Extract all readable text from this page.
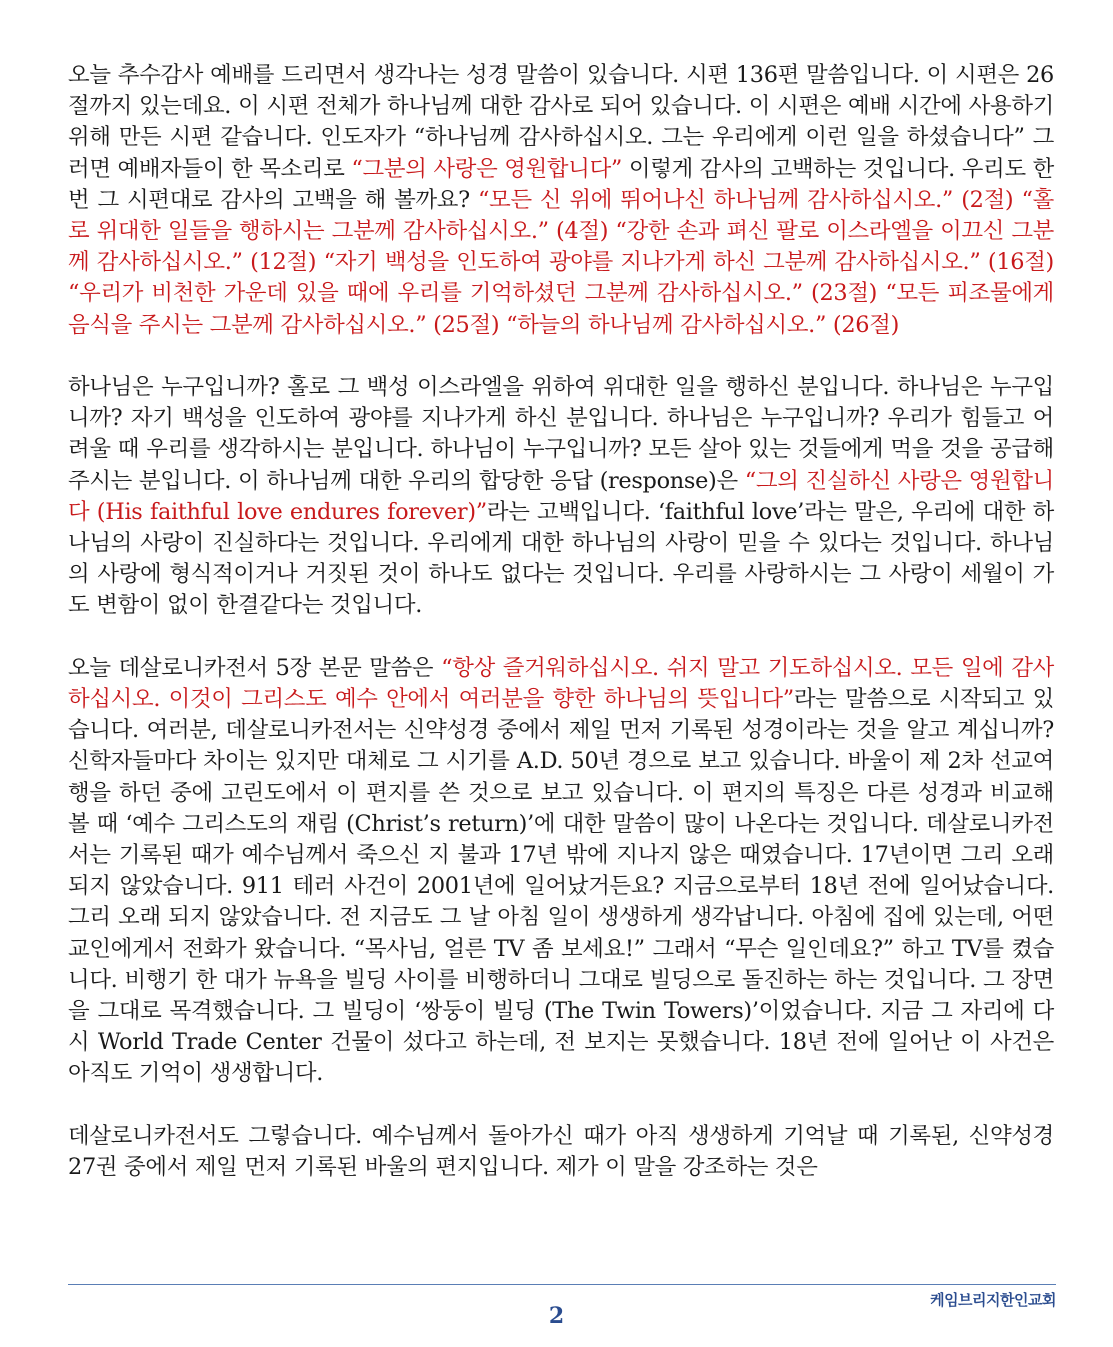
오늘 추수감사 예배를 드리면서 생각나는 성경 말씀이 있습니다. 시편 136편 말씀입니다. 이 시편은 26절까지 있는데요. 이 시편 전체가 하나님께 대한 감사로 되어 있습니다. 이 시편은 예배 시간에 사용하기 위해 만든 시편 같습니다. 인도자가 “하나님께 감사하십시오. 그는 우리에게 이런 일을 하셨습니다” 그러면 예배자들이 한 목소리로 “그분의 사랑은 영원합니다” 이렇게 감사의 고백하는 것입니다. 우리도 한번 그 시편대로 감사의 고백을 해 볼까요? “모든 신 위에 뛰어나신 하나님께 감사하십시오.” (2절) “홀로 위대한 일들을 행하시는 그분께 감사하십시오.” (4절) “강한 손과 펴신 팔로 이스라엘을 이끄신 그분께 감사하십시오.” (12절) “자기 백성을 인도하여 광야를 지나가게 하신 그분께 감사하십시오.” (16절) “우리가 비천한 가운데 있을 때에 우리를 기억하셨던 그분께 감사하십시오.” (23절) “모든 피조물에게 음식을 주시는 그분께 감사하십시오.” (25절) “하늘의 하나님께 감사하십시오.” (26절)

하나님은 누구입니까? 홀로 그 백성 이스라엘을 위하여 위대한 일을 행하신 분입니다. 하나님은 누구입니까? 자기 백성을 인도하여 광야를 지나가게 하신 분입니다. 하나님은 누구입니까? 우리가 힘들고 어려울 때 우리를 생각하시는 분입니다. 하나님이 누구입니까? 모든 살아 있는 것들에게 먹을 것을 공급해 주시는 분입니다. 이 하나님께 대한 우리의 합당한 응답 (response)은 “그의 진실하신 사랑은 영원합니다 (His faithful love endures forever)”라는 고백입니다. ‘faithful love’라는 말은, 우리에 대한 하나님의 사랑이 진실하다는 것입니다. 우리에게 대한 하나님의 사랑이 믿을 수 있다는 것입니다. 하나님의 사랑에 형식적이거나 거짓된 것이 하나도 없다는 것입니다. 우리를 사랑하시는 그 사랑이 세월이 가도 변함이 없이 한결같다는 것입니다.

오늘 데살로니카전서 5장 본문 말씀은 “항상 즐거워하십시오. 쉬지 말고 기도하십시오. 모든 일에 감사하십시오. 이것이 그리스도 예수 안에서 여러분을 향한 하나님의 뜻입니다”라는 말씀으로 시작되고 있습니다. 여러분, 데살로니카전서는 신약성경 중에서 제일 먼저 기록된 성경이라는 것을 알고 계십니까? 신학자들마다 차이는 있지만 대체로 그 시기를 A.D. 50년 경으로 보고 있습니다. 바울이 제 2차 선교여행을 하던 중에 고린도에서 이 편지를 쓴 것으로 보고 있습니다. 이 편지의 특징은 다른 성경과 비교해 볼 때 ‘예수 그리스도의 재림 (Christ’s return)’에 대한 말씀이 많이 나온다는 것입니다. 데살로니카전서는 기록된 때가 예수님께서 죽으신 지 불과 17년 밖에 지나지 않은 때였습니다. 17년이면 그리 오래되지 않았습니다. 911 테러 사건이 2001년에 일어났거든요? 지금으로부터 18년 전에 일어났습니다. 그리 오래 되지 않았습니다. 전 지금도 그 날 아침 일이 생생하게 생각납니다. 아침에 집에 있는데, 어떤 교인에게서 전화가 왔습니다. “목사님, 얼른 TV 좀 보세요!” 그래서 “무슨 일인데요?” 하고 TV를 켰습니다. 비행기 한 대가 뉴욕을 빌딩 사이를 비행하더니 그대로 빌딩으로 돌진하는 하는 것입니다. 그 장면을 그대로 목격했습니다. 그 빌딩이 ‘쌍둥이 빌딩 (The Twin Towers)’이었습니다. 지금 그 자리에 다시 World Trade Center 건물이 섰다고 하는데, 전 보지는 못했습니다. 18년 전에 일어난 이 사건은 아직도 기억이 생생합니다.

데살로니카전서도 그렇습니다. 예수님께서 돌아가신 때가 아직 생생하게 기억날 때 기록된, 신약성경 27권 중에서 제일 먼저 기록된 바울의 편지입니다. 제가 이 말을 강조하는 것은

케임브리지한인교회
2
